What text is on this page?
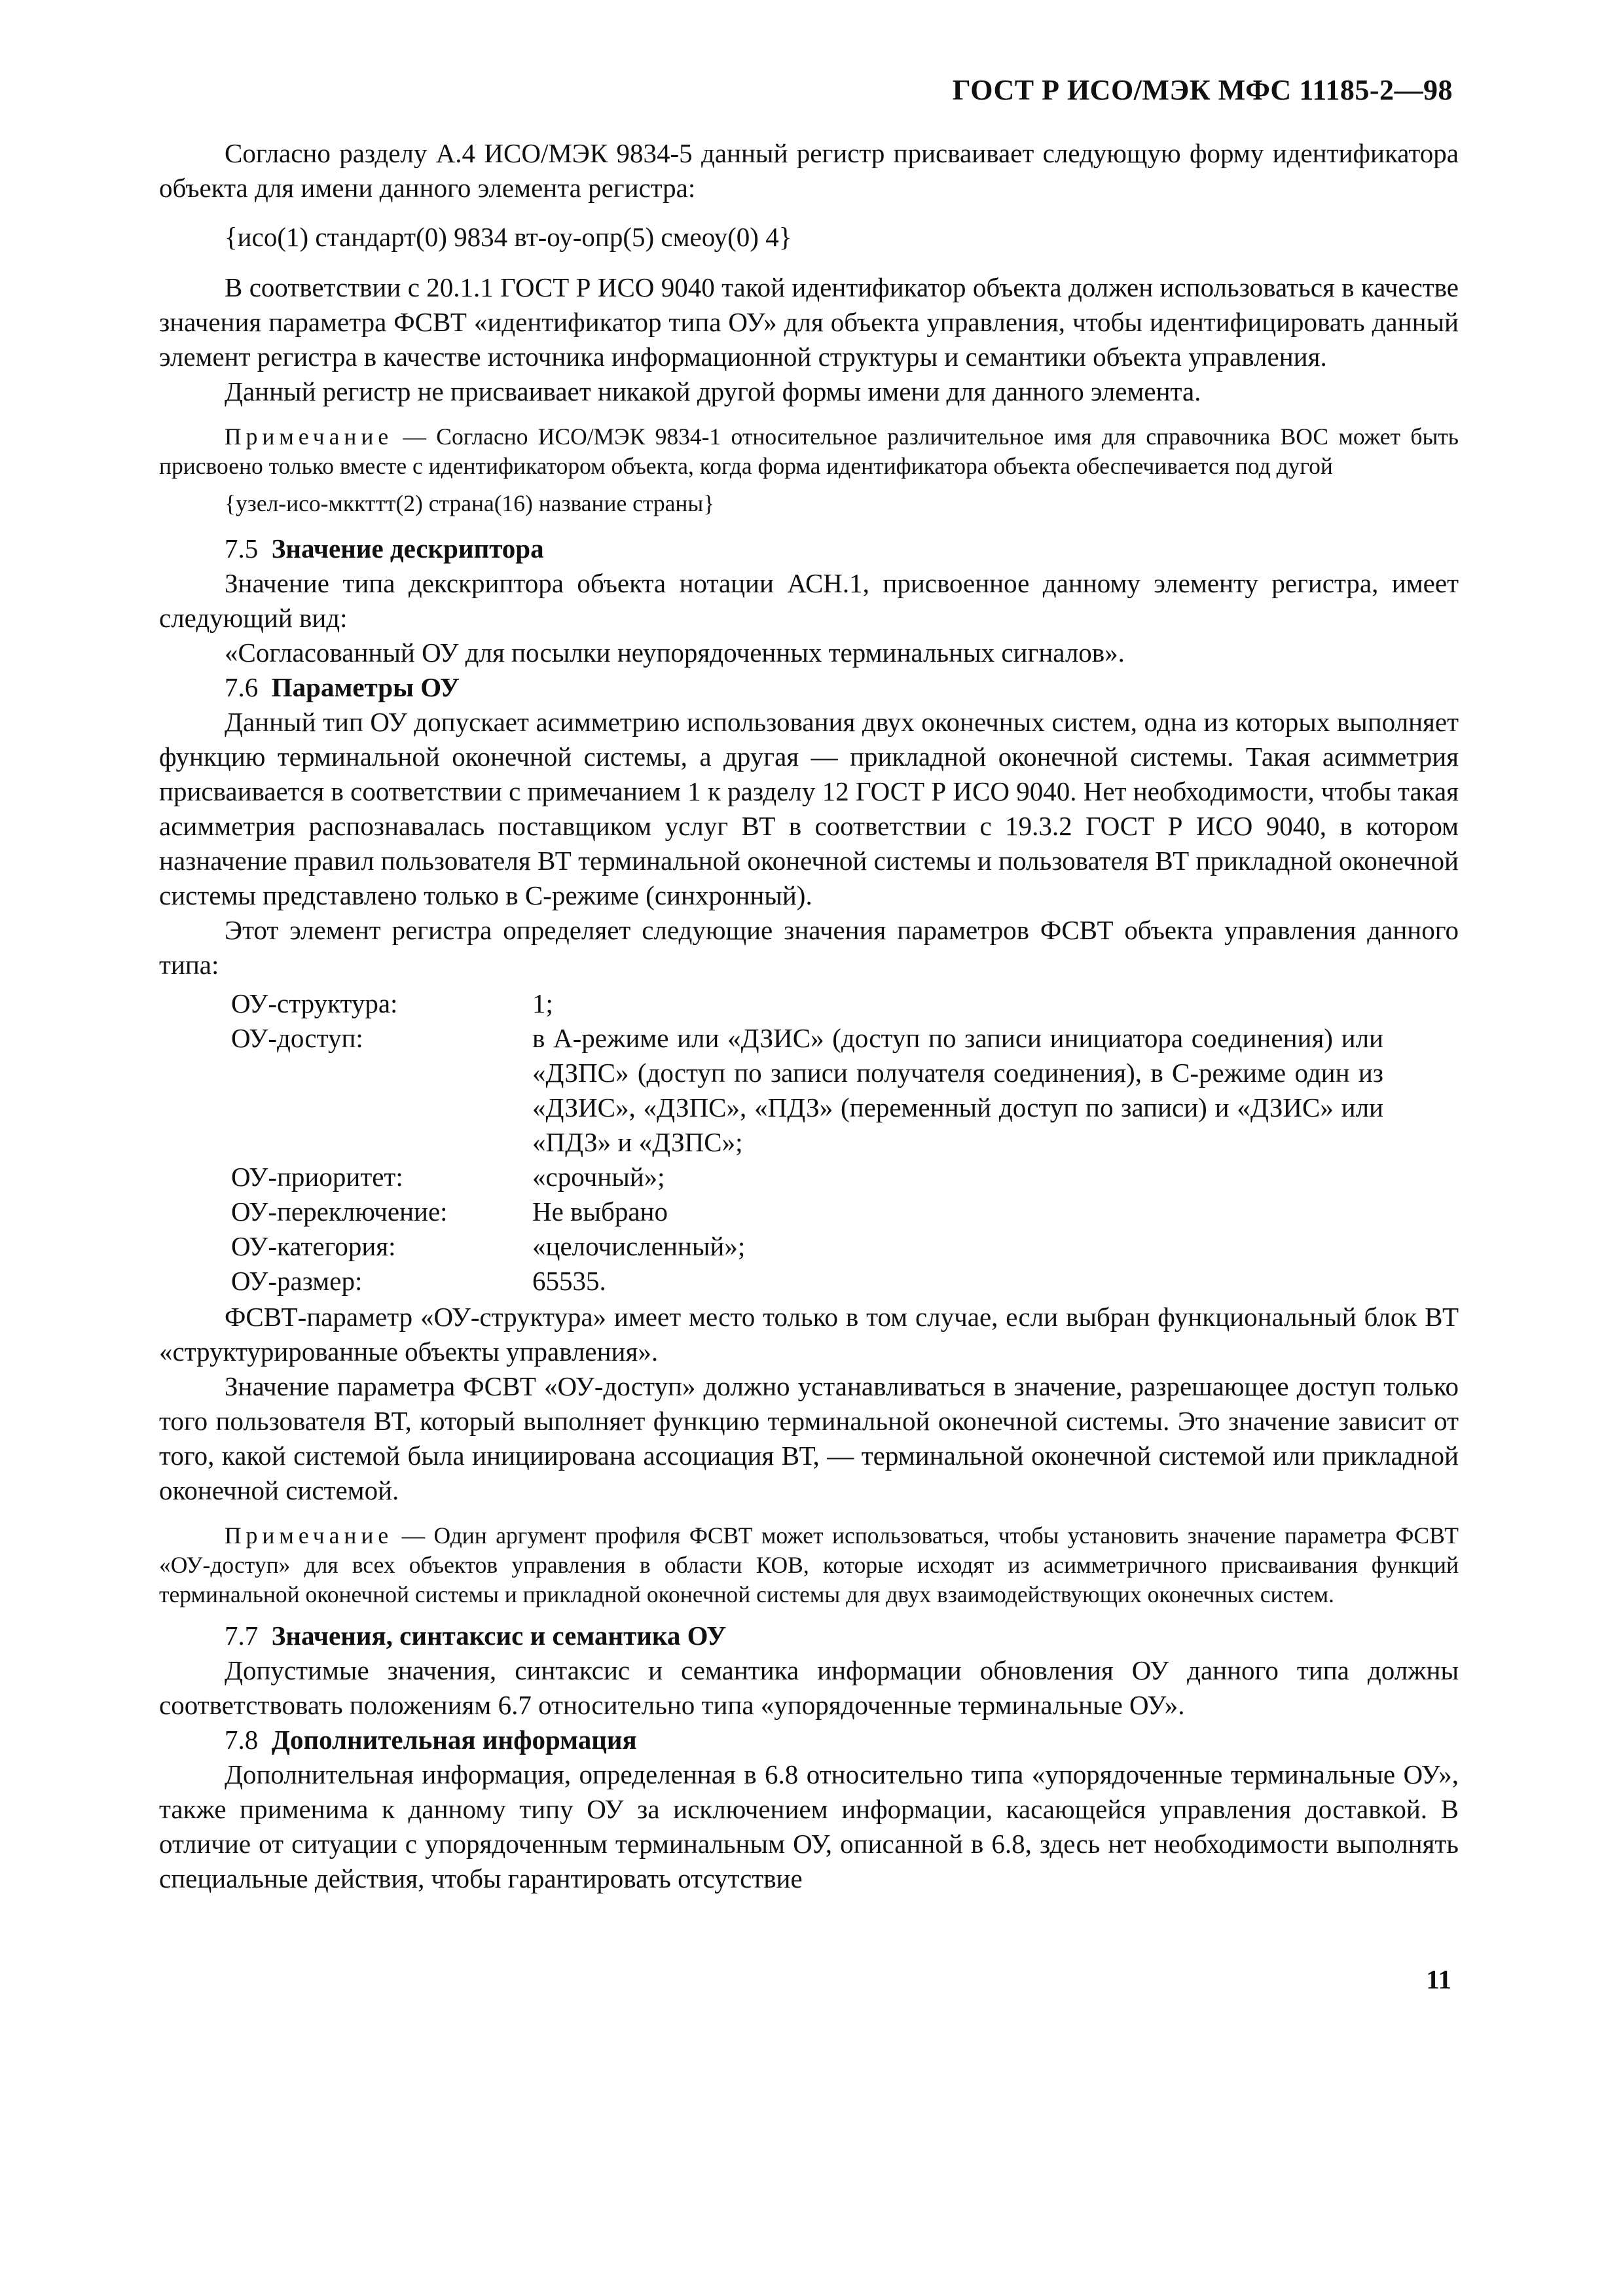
ГОСТ Р ИСО/МЭК МФС 11185-2—98

Согласно разделу А.4 ИСО/МЭК 9834-5 данный регистр присваивает следующую форму идентификатора объекта для имени данного элемента регистра:

{исо(1) стандарт(0) 9834 вт-оу-опр(5) смеоу(0) 4}

В соответствии с 20.1.1 ГОСТ Р ИСО 9040 такой идентификатор объекта должен использоваться в качестве значения параметра ФСВТ «идентификатор типа ОУ» для объекта управления, чтобы идентифицировать данный элемент регистра в качестве источника информационной структуры и семантики объекта управления.

Данный регистр не присваивает никакой другой формы имени для данного элемента.

Примечание — Согласно ИСО/МЭК 9834-1 относительное различительное имя для справочника ВОС может быть присвоено только вместе с идентификатором объекта, когда форма идентификатора объекта обеспечивается под дугой

{узел-исо-мккттт(2) страна(16) название страны}

7.5 Значение дескриптора

Значение типа декскриптора объекта нотации АСН.1, присвоенное данному элементу регистра, имеет следующий вид:

«Согласованный ОУ для посылки неупорядоченных терминальных сигналов».

7.6 Параметры ОУ

Данный тип ОУ допускает асимметрию использования двух оконечных систем, одна из которых выполняет функцию терминальной оконечной системы, а другая — прикладной оконечной системы. Такая асимметрия присваивается в соответствии с примечанием 1 к разделу 12 ГОСТ Р ИСО 9040. Нет необходимости, чтобы такая асимметрия распознавалась поставщиком услуг ВТ в соответствии с 19.3.2 ГОСТ Р ИСО 9040, в котором назначение правил пользователя ВТ терминальной оконечной системы и пользователя ВТ прикладной оконечной системы представлено только в С-режиме (синхронный).

Этот элемент регистра определяет следующие значения параметров ФСВТ объекта управления данного типа:

ОУ-структура:	1;
ОУ-доступ:	в А-режиме или «ДЗИС» (доступ по записи инициатора соединения) или «ДЗПС» (доступ по записи получателя соединения), в С-режиме один из «ДЗИС», «ДЗПС», «ПДЗ» (переменный доступ по записи) и «ДЗИС» или «ПДЗ» и «ДЗПС»;
ОУ-приоритет:	«срочный»;
ОУ-переключение:	Не выбрано
ОУ-категория:	«целочисленный»;
ОУ-размер:	65535.

ФСВТ-параметр «ОУ-структура» имеет место только в том случае, если выбран функциональный блок ВТ «структурированные объекты управления».

Значение параметра ФСВТ «ОУ-доступ» должно устанавливаться в значение, разрешающее доступ только того пользователя ВТ, который выполняет функцию терминальной оконечной системы. Это значение зависит от того, какой системой была инициирована ассоциация ВТ, — терминальной оконечной системой или прикладной оконечной системой.

Примечание — Один аргумент профиля ФСВТ может использоваться, чтобы установить значение параметра ФСВТ «ОУ-доступ» для всех объектов управления в области КОВ, которые исходят из асимметричного присваивания функций терминальной оконечной системы и прикладной оконечной системы для двух взаимодействующих оконечных систем.

7.7 Значения, синтаксис и семантика ОУ

Допустимые значения, синтаксис и семантика информации обновления ОУ данного типа должны соответствовать положениям 6.7 относительно типа «упорядоченные терминальные ОУ».

7.8 Дополнительная информация

Дополнительная информация, определенная в 6.8 относительно типа «упорядоченные терминальные ОУ», также применима к данному типу ОУ за исключением информации, касающейся управления доставкой. В отличие от ситуации с упорядоченным терминальным ОУ, описанной в 6.8, здесь нет необходимости выполнять специальные действия, чтобы гарантировать отсутствие

11
